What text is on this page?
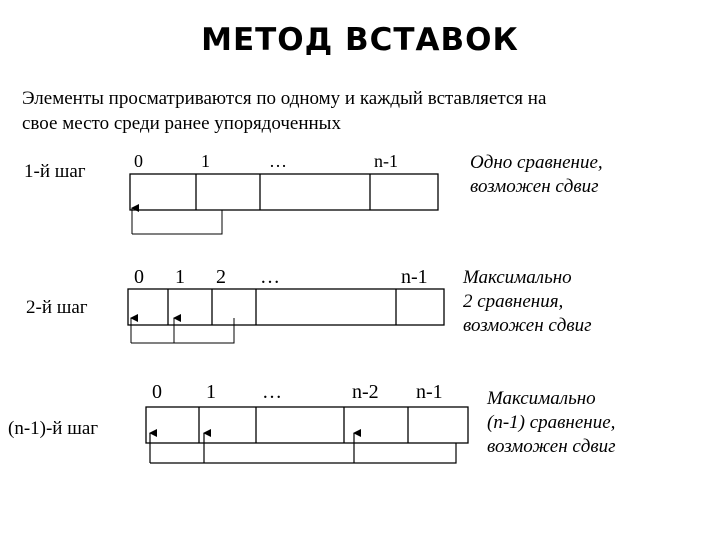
МЕТОД ВСТАВОК
Элементы просматриваются по одному и каждый вставляется на
свое место среди ранее упорядоченных
1-й шаг
2-й шаг
(n-1)-й шаг
Одно сравнение,
возможен сдвиг
Максимально
2 сравнения,
возможен сдвиг
Максимально
(n-1) сравнение,
возможен сдвиг
0	1	…	n-1
0 1 2 …	n-1
0 1 …	n-2 n-1
